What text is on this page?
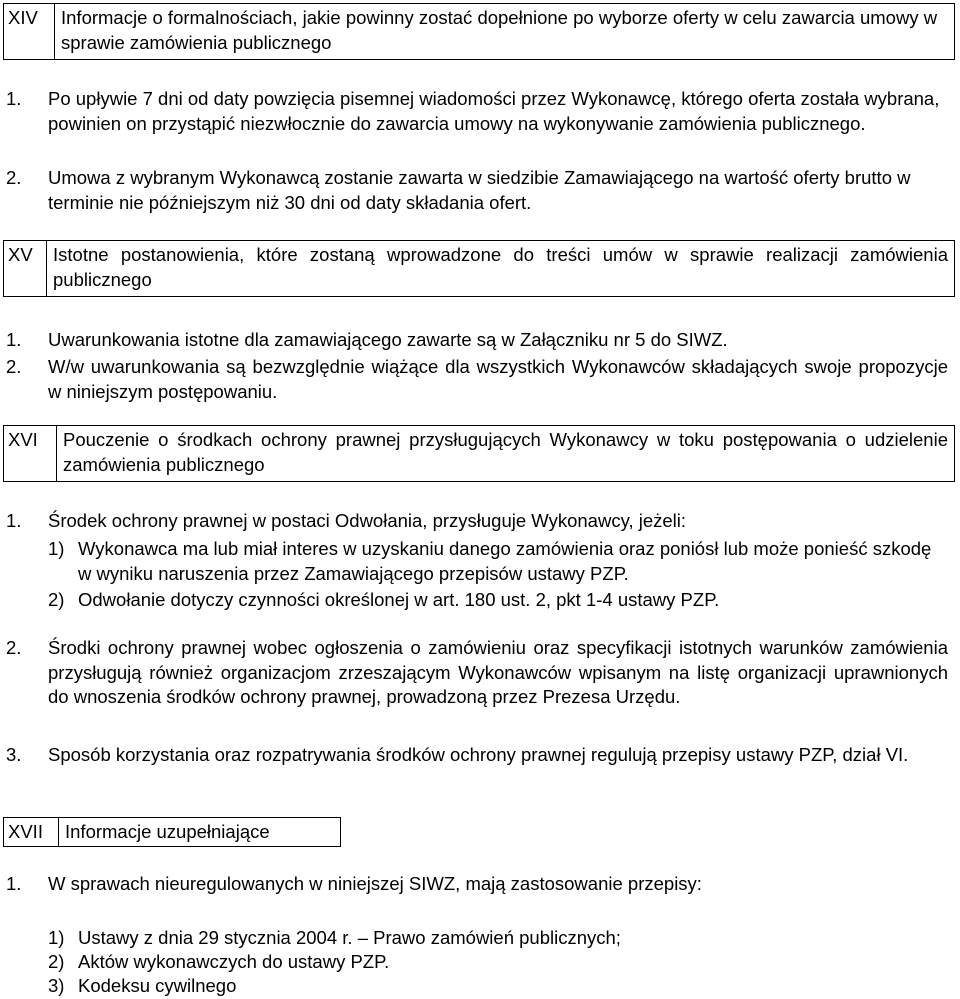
XIV	Informacje o formalnościach, jakie powinny zostać dopełnione po wyborze oferty w celu zawarcia umowy w sprawie zamówienia publicznego
1.	Po upływie 7 dni od daty powzięcia pisemnej wiadomości przez Wykonawcę, którego oferta została wybrana, powinien on przystąpić niezwłocznie do zawarcia umowy na wykonywanie zamówienia publicznego.
2.	Umowa z wybranym Wykonawcą zostanie zawarta w siedzibie Zamawiającego na wartość oferty brutto w terminie nie późniejszym niż 30 dni od daty składania ofert.
XV	Istotne postanowienia, które zostaną wprowadzone do treści umów w sprawie realizacji zamówienia publicznego
1.	Uwarunkowania istotne dla zamawiającego zawarte są w Załączniku nr 5 do SIWZ.
2.	W/w uwarunkowania są bezwzględnie wiążące dla wszystkich Wykonawców składających swoje propozycje w niniejszym postępowaniu.
XVI	Pouczenie o środkach ochrony prawnej przysługujących Wykonawcy w toku postępowania o udzielenie zamówienia publicznego
1.	Środek ochrony prawnej w postaci Odwołania, przysługuje Wykonawcy, jeżeli:
1) Wykonawca ma lub miał interes w uzyskaniu danego zamówienia oraz poniósł lub może ponieść szkodę w wyniku naruszenia przez Zamawiającego przepisów ustawy PZP.
2) Odwołanie dotyczy czynności określonej w art. 180 ust. 2, pkt 1-4 ustawy PZP.
2.	Środki ochrony prawnej wobec ogłoszenia o zamówieniu oraz specyfikacji istotnych warunków zamówienia przysługują również organizacjom zrzeszającym Wykonawców wpisanym na listę organizacji uprawnionych do wnoszenia środków ochrony prawnej, prowadzoną przez Prezesa Urzędu.
3.	Sposób korzystania oraz rozpatrywania środków ochrony prawnej regulują przepisy ustawy PZP, dział VI.
XVII	Informacje uzupełniające
1.	W sprawach nieuregulowanych w niniejszej SIWZ, mają zastosowanie przepisy:
1) Ustawy z dnia 29 stycznia 2004 r. – Prawo zamówień publicznych;
2) Aktów wykonawczych do ustawy PZP.
3) Kodeksu cywilnego
